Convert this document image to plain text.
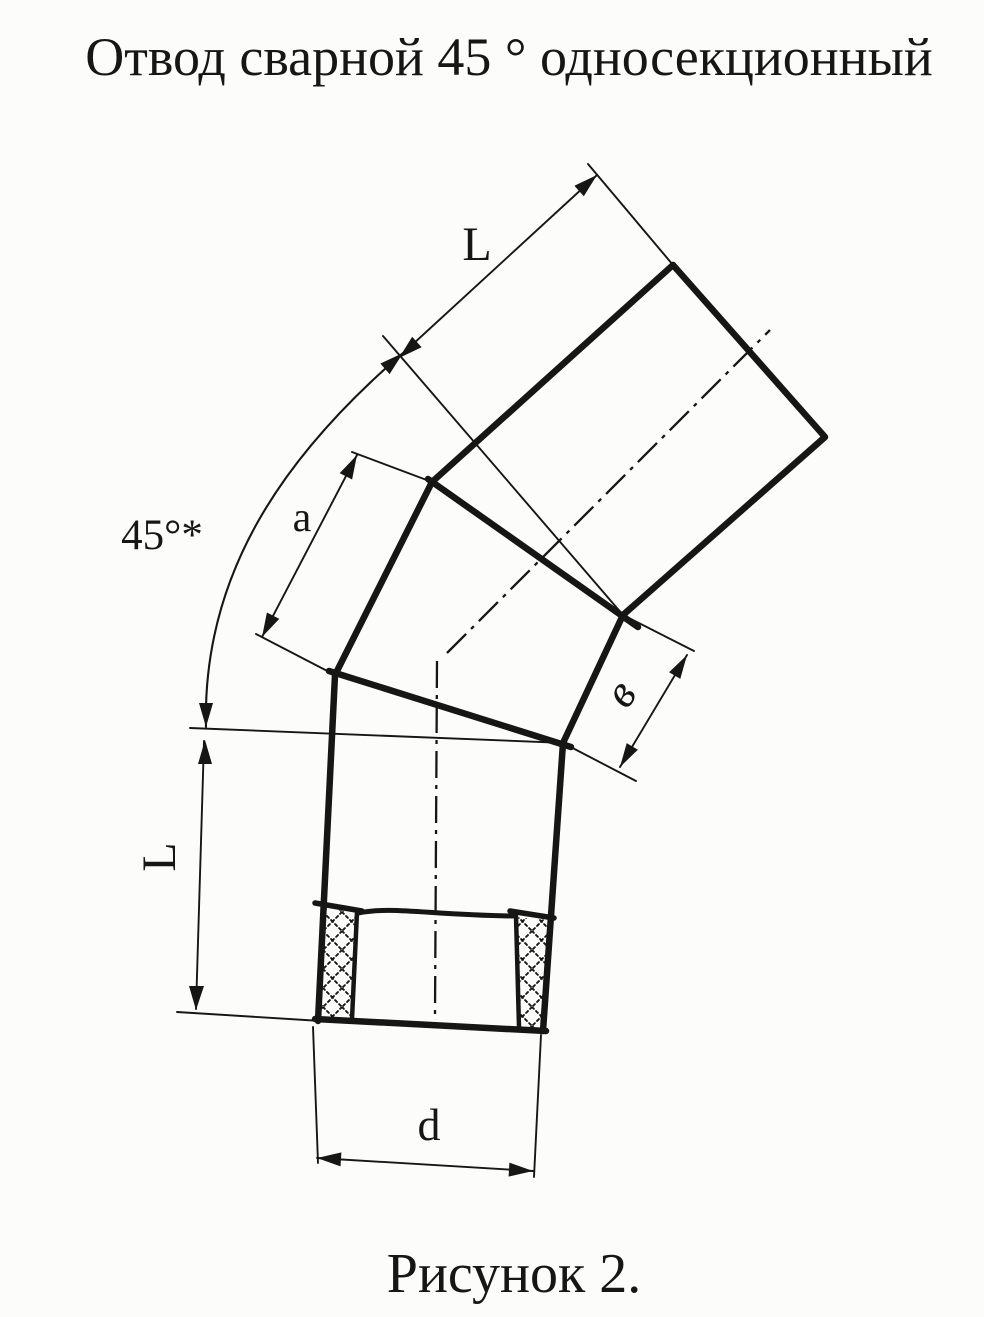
Отвод сварной 45 ° односекционный
Рисунок 2.
L
45°* a
в
L
d
